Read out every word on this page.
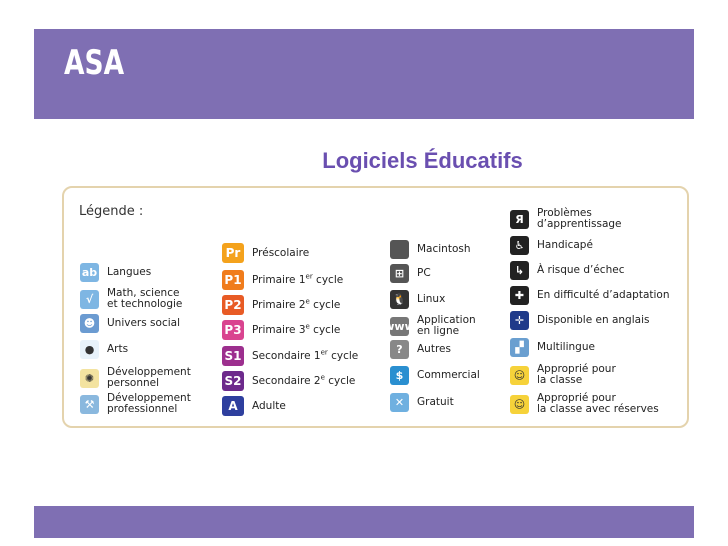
ASA
Logiciels Éducatifs
Légende :
ab Langues
√	Math, science
et technologie
☻	Univers social
●	Arts
✺	Développement
personnel
⚒	Développement
professionnel
Pr	Préscolaire
P1 Primaire 1er cycle
P2 Primaire 2e cycle
P3 Primaire 3e cycle
S1 Secondaire 1er cycle
S2 Secondaire 2e cycle
A	Adulte
Macintosh
⊞	PC
🐧 Linux
www Application
en ligne
?	Autres
$	Commercial
✕	Gratuit
Я	Problèmes
d’apprentissage
♿	Handicapé
↳	À risque d’échec
✚	En difficulté d’adaptation
✛	Disponible en anglais
▞	Multilingue
☺	Approprié pour
la classe
☺	Approprié pour
la classe avec réserves
